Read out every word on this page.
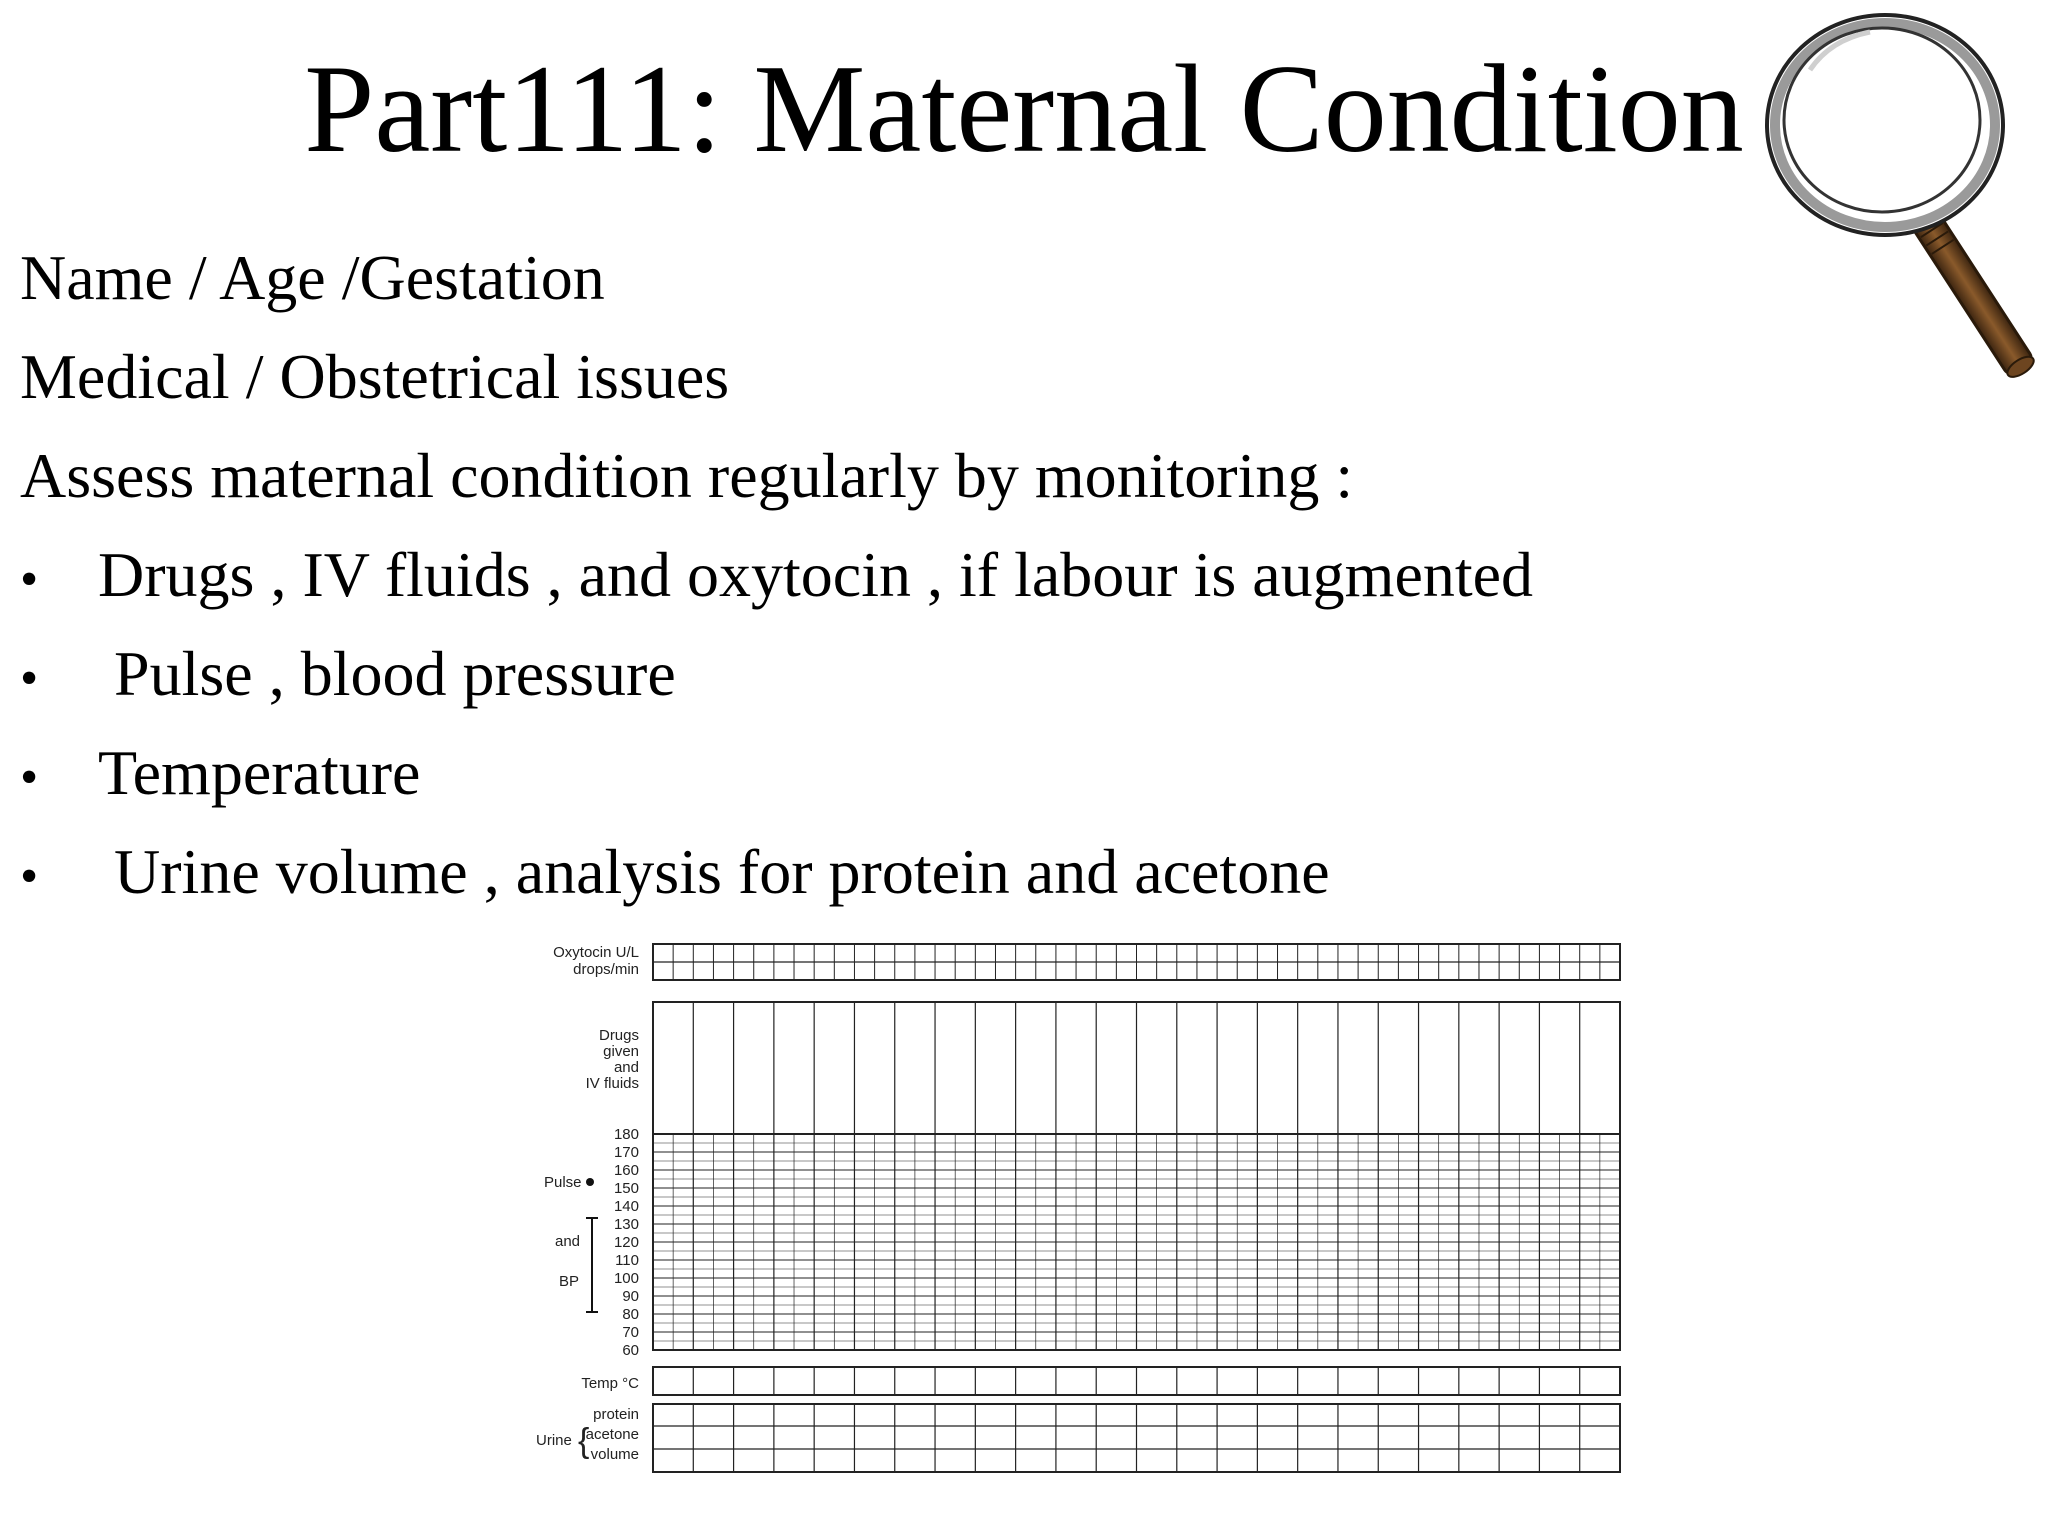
Part111: Maternal Condition
Name / Age /Gestation
Medical / Obstetrical issues
Assess maternal condition regularly by monitoring :
• Drugs , IV fluids , and oxytocin , if labour is augmented
• Pulse , blood pressure
• Temperature
• Urine volume , analysis for protein and acetone
Oxytocin U/L
drops/min
Drugs
given
and
IV fluids
Pulse
and
BP
180
170
160
150
140
130
120
110
100
90
80
70
60
Temp °C
Urine {
protein
acetone
volume
